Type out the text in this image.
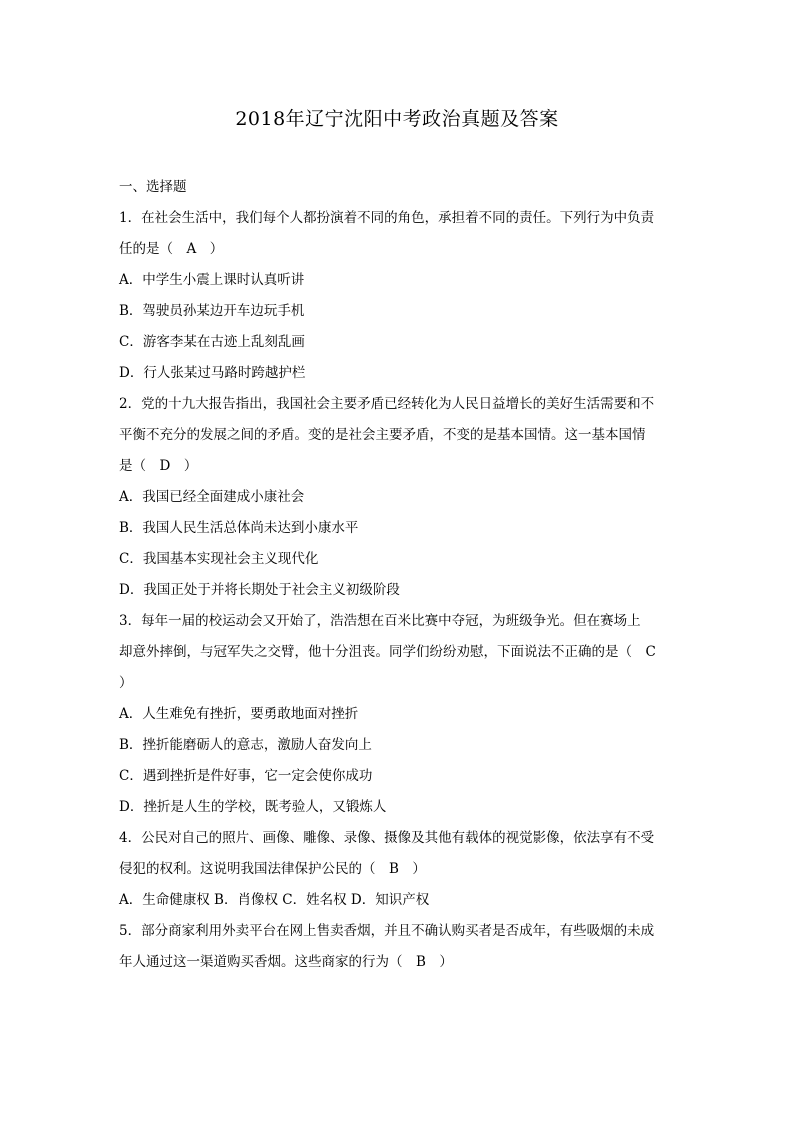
2018年辽宁沈阳中考政治真题及答案
一、选择题
1．在社会生活中，我们每个人都扮演着不同的角色，承担着不同的责任。下列行为中负责
任的是（　A　）
A．中学生小震上课时认真听讲
B．驾驶员孙某边开车边玩手机
C．游客李某在古迹上乱刻乱画
D．行人张某过马路时跨越护栏
2．党的十九大报告指出，我国社会主要矛盾已经转化为人民日益增长的美好生活需要和不
平衡不充分的发展之间的矛盾。变的是社会主要矛盾，不变的是基本国情。这一基本国情
是（　D　）
A．我国已经全面建成小康社会
B．我国人民生活总体尚未达到小康水平
C．我国基本实现社会主义现代化
D．我国正处于并将长期处于社会主义初级阶段
3．每年一届的校运动会又开始了，浩浩想在百米比赛中夺冠，为班级争光。但在赛场上
却意外摔倒，与冠军失之交臂，他十分沮丧。同学们纷纷劝慰，下面说法不正确的是（　C
）
A．人生难免有挫折，要勇敢地面对挫折
B．挫折能磨砺人的意志，激励人奋发向上
C．遇到挫折是件好事，它一定会使你成功
D．挫折是人生的学校，既考验人，又锻炼人
4．公民对自己的照片、画像、雕像、录像、摄像及其他有载体的视觉影像，依法享有不受
侵犯的权利。这说明我国法律保护公民的（　B　）
A．生命健康权 B．肖像权 C．姓名权 D．知识产权
5．部分商家利用外卖平台在网上售卖香烟，并且不确认购买者是否成年，有些吸烟的未成
年人通过这一渠道购买香烟。这些商家的行为（　B　）
